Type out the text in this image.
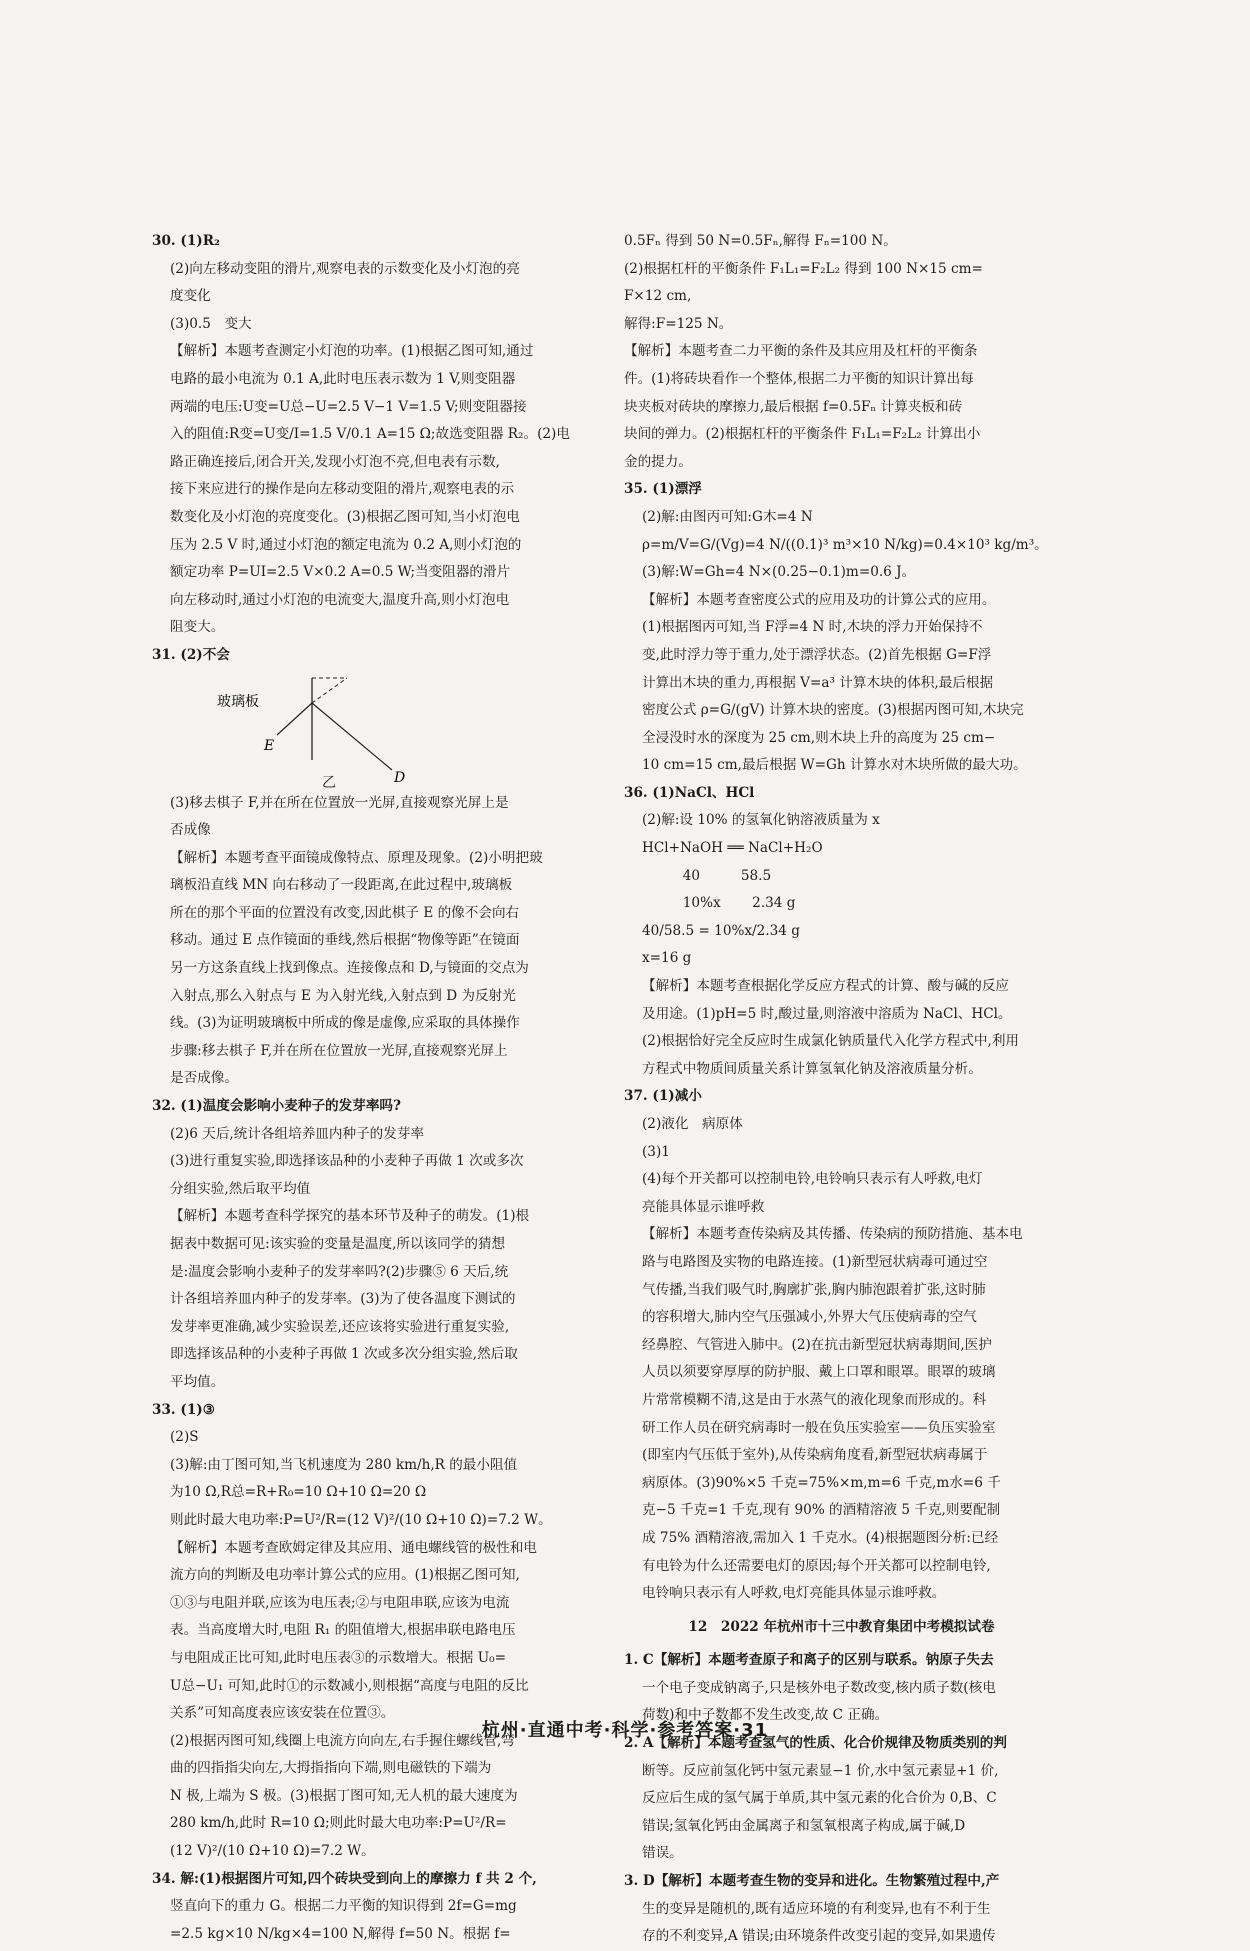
30. (1)R₂
(2)向左移动变阻的滑片,观察电表的示数变化及小灯泡的亮
度变化
(3)0.5　变大
【解析】本题考查测定小灯泡的功率。(1)根据乙图可知,通过
电路的最小电流为 0.1 A,此时电压表示数为 1 V,则变阻器
两端的电压:U变=U总−U=2.5 V−1 V=1.5 V;则变阻器接
入的阻值:R变=U变/I=1.5 V/0.1 A=15 Ω;故选变阻器 R₂。(2)电
路正确连接后,闭合开关,发现小灯泡不亮,但电表有示数,
接下来应进行的操作是向左移动变阻的滑片,观察电表的示
数变化及小灯泡的亮度变化。(3)根据乙图可知,当小灯泡电
压为 2.5 V 时,通过小灯泡的额定电流为 0.2 A,则小灯泡的
额定功率 P=UI=2.5 V×0.2 A=0.5 W;当变阻器的滑片
向左移动时,通过小灯泡的电流变大,温度升高,则小灯泡电
阻变大。
31. (2)不会
玻璃板
E
D
乙
(3)移去棋子 F,并在所在位置放一光屏,直接观察光屏上是
否成像
【解析】本题考查平面镜成像特点、原理及现象。(2)小明把玻
璃板沿直线 MN 向右移动了一段距离,在此过程中,玻璃板
所在的那个平面的位置没有改变,因此棋子 E 的像不会向右
移动。通过 E 点作镜面的垂线,然后根据“物像等距”在镜面
另一方这条直线上找到像点。连接像点和 D,与镜面的交点为
入射点,那么入射点与 E 为入射光线,入射点到 D 为反射光
线。(3)为证明玻璃板中所成的像是虚像,应采取的具体操作
步骤:移去棋子 F,并在所在位置放一光屏,直接观察光屏上
是否成像。
32. (1)温度会影响小麦种子的发芽率吗?
(2)6 天后,统计各组培养皿内种子的发芽率
(3)进行重复实验,即选择该品种的小麦种子再做 1 次或多次
分组实验,然后取平均值
【解析】本题考查科学探究的基本环节及种子的萌发。(1)根
据表中数据可见:该实验的变量是温度,所以该同学的猜想
是:温度会影响小麦种子的发芽率吗?(2)步骤⑤ 6 天后,统
计各组培养皿内种子的发芽率。(3)为了使各温度下测试的
发芽率更准确,减少实验误差,还应该将实验进行重复实验,
即选择该品种的小麦种子再做 1 次或多次分组实验,然后取
平均值。
33. (1)③
(2)S
(3)解:由丁图可知,当飞机速度为 280 km/h,R 的最小阻值
为10 Ω,R总=R+R₀=10 Ω+10 Ω=20 Ω
则此时最大电功率:P=U²/R=(12 V)²/(10 Ω+10 Ω)=7.2 W。
【解析】本题考查欧姆定律及其应用、通电螺线管的极性和电
流方向的判断及电功率计算公式的应用。(1)根据乙图可知,
①③与电阻并联,应该为电压表;②与电阻串联,应该为电流
表。当高度增大时,电阻 R₁ 的阻值增大,根据串联电路电压
与电阻成正比可知,此时电压表③的示数增大。根据 U₀=
U总−U₁ 可知,此时①的示数减小,则根据“高度与电阻的反比
关系”可知高度表应该安装在位置③。
(2)根据丙图可知,线圈上电流方向向左,右手握住螺线管,弯
曲的四指指尖向左,大拇指指向下端,则电磁铁的下端为
N 极,上端为 S 极。(3)根据丁图可知,无人机的最大速度为
280 km/h,此时 R=10 Ω;则此时最大电功率:P=U²/R=
(12 V)²/(10 Ω+10 Ω)=7.2 W。
34. 解:(1)根据图片可知,四个砖块受到向上的摩擦力 f 共 2 个,
竖直向下的重力 G。根据二力平衡的知识得到 2f=G=mg
=2.5 kg×10 N/kg×4=100 N,解得 f=50 N。根据 f=
0.5Fₙ 得到 50 N=0.5Fₙ,解得 Fₙ=100 N。
(2)根据杠杆的平衡条件 F₁L₁=F₂L₂ 得到 100 N×15 cm=
F×12 cm,
解得:F=125 N。
【解析】本题考查二力平衡的条件及其应用及杠杆的平衡条
件。(1)将砖块看作一个整体,根据二力平衡的知识计算出每
块夹板对砖块的摩擦力,最后根据 f=0.5Fₙ 计算夹板和砖
块间的弹力。(2)根据杠杆的平衡条件 F₁L₁=F₂L₂ 计算出小
金的提力。
35. (1)漂浮
(2)解:由图丙可知:G木=4 N
ρ=m/V=G/(Vg)=4 N/((0.1)³ m³×10 N/kg)=0.4×10³ kg/m³。
(3)解:W=Gh=4 N×(0.25−0.1)m=0.6 J。
【解析】本题考查密度公式的应用及功的计算公式的应用。
(1)根据图丙可知,当 F浮=4 N 时,木块的浮力开始保持不
变,此时浮力等于重力,处于漂浮状态。(2)首先根据 G=F浮
计算出木块的重力,再根据 V=a³ 计算木块的体积,最后根据
密度公式 ρ=G/(gV) 计算木块的密度。(3)根据丙图可知,木块完
全浸没时水的深度为 25 cm,则木块上升的高度为 25 cm−
10 cm=15 cm,最后根据 W=Gh 计算水对木块所做的最大功。
36. (1)NaCl、HCl
(2)解:设 10% 的氢氧化钠溶液质量为 x
HCl+NaOH ══ NaCl+H₂O
　　　40　　　58.5
　　　10%x　　 2.34 g
40/58.5 = 10%x/2.34 g
x=16 g
【解析】本题考查根据化学反应方程式的计算、酸与碱的反应
及用途。(1)pH=5 时,酸过量,则溶液中溶质为 NaCl、HCl。
(2)根据恰好完全反应时生成氯化钠质量代入化学方程式中,利用
方程式中物质间质量关系计算氢氧化钠及溶液质量分析。
37. (1)减小
(2)液化　病原体
(3)1
(4)每个开关都可以控制电铃,电铃响只表示有人呼救,电灯
亮能具体显示谁呼救
【解析】本题考查传染病及其传播、传染病的预防措施、基本电
路与电路图及实物的电路连接。(1)新型冠状病毒可通过空
气传播,当我们吸气时,胸廓扩张,胸内肺泡跟着扩张,这时肺
的容积增大,肺内空气压强减小,外界大气压使病毒的空气
经鼻腔、气管进入肺中。(2)在抗击新型冠状病毒期间,医护
人员以须要穿厚厚的防护服、戴上口罩和眼罩。眼罩的玻璃
片常常模糊不清,这是由于水蒸气的液化现象而形成的。科
研工作人员在研究病毒时一般在负压实验室——负压实验室
(即室内气压低于室外),从传染病角度看,新型冠状病毒属于
病原体。(3)90%×5 千克=75%×m,m=6 千克,m水=6 千
克−5 千克=1 千克,现有 90% 的酒精溶液 5 千克,则要配制
成 75% 酒精溶液,需加入 1 千克水。(4)根据题图分析:已经
有电铃为什么还需要电灯的原因;每个开关都可以控制电铃,
电铃响只表示有人呼救,电灯亮能具体显示谁呼救。
12　2022 年杭州市十三中教育集团中考模拟试卷
1. C【解析】本题考查原子和离子的区别与联系。钠原子失去
一个电子变成钠离子,只是核外电子数改变,核内质子数(核电
荷数)和中子数都不发生改变,故 C 正确。
2. A【解析】本题考查氢气的性质、化合价规律及物质类别的判
断等。反应前氢化钙中氢元素显−1 价,水中氢元素显+1 价,
反应后生成的氢气属于单质,其中氢元素的化合价为 0,B、C
错误;氢氧化钙由金属离子和氢氧根离子构成,属于碱,D
错误。
3. D【解析】本题考查生物的变异和进化。生物繁殖过程中,产
生的变异是随机的,既有适应环境的有利变异,也有不利于生
存的不利变异,A 错误;由环境条件改变引起的变异,如果遗传
杭州·直通中考·科学·参考答案·31
